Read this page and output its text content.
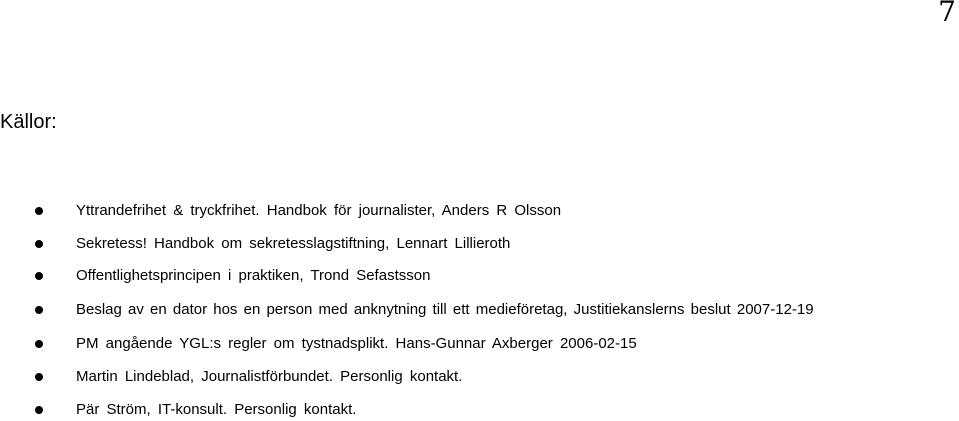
7
Källor:
Yttrandefrihet & tryckfrihet. Handbok för journalister, Anders R Olsson
Sekretess! Handbok om sekretesslagstiftning, Lennart Lillieroth
Offentlighetsprincipen i praktiken, Trond Sefastsson
Beslag av en dator hos en person med anknytning till ett medieföretag, Justitiekanslerns beslut 2007-12-19
PM angående YGL:s regler om tystnadsplikt. Hans-Gunnar Axberger 2006-02-15
Martin Lindeblad, Journalistförbundet. Personlig kontakt.
Pär Ström, IT-konsult. Personlig kontakt.
